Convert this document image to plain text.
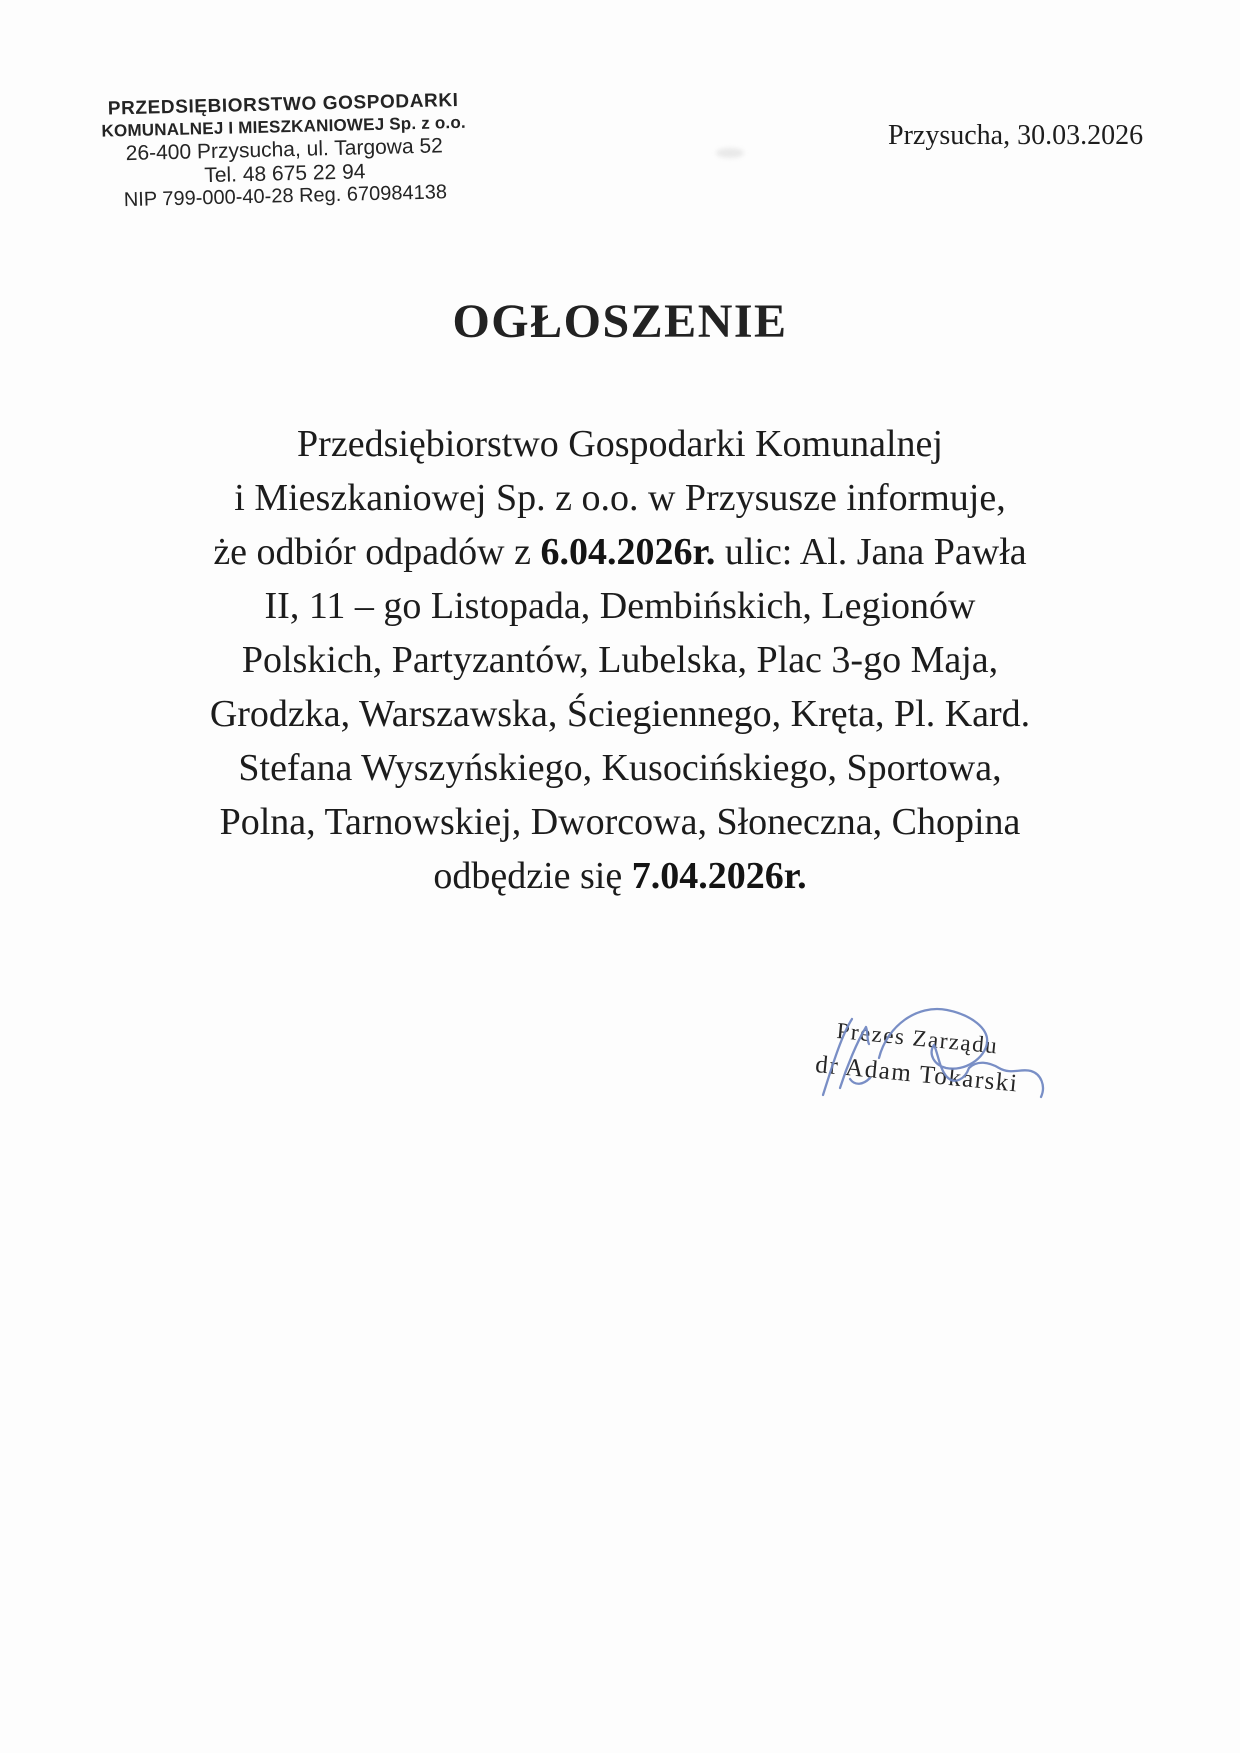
PRZEDSIĘBIORSTWO GOSPODARKI
KOMUNALNEJ I MIESZKANIOWEJ Sp. z o.o.
26-400 Przysucha, ul. Targowa 52
Tel. 48 675 22 94
NIP 799-000-40-28 Reg. 670984138
Przysucha, 30.03.2026
OGŁOSZENIE
Przedsiębiorstwo Gospodarki Komunalnej
i Mieszkaniowej Sp. z o.o. w Przysusze informuje,
że odbiór odpadów z 6.04.2026r. ulic: Al. Jana Pawła
II, 11 – go Listopada, Dembińskich, Legionów
Polskich, Partyzantów, Lubelska, Plac 3-go Maja,
Grodzka, Warszawska, Ściegiennego, Kręta, Pl. Kard.
Stefana Wyszyńskiego, Kusocińskiego, Sportowa,
Polna, Tarnowskiej, Dworcowa, Słoneczna, Chopina
odbędzie się 7.04.2026r.
Prezes Zarządu
dr Adam Tokarski
